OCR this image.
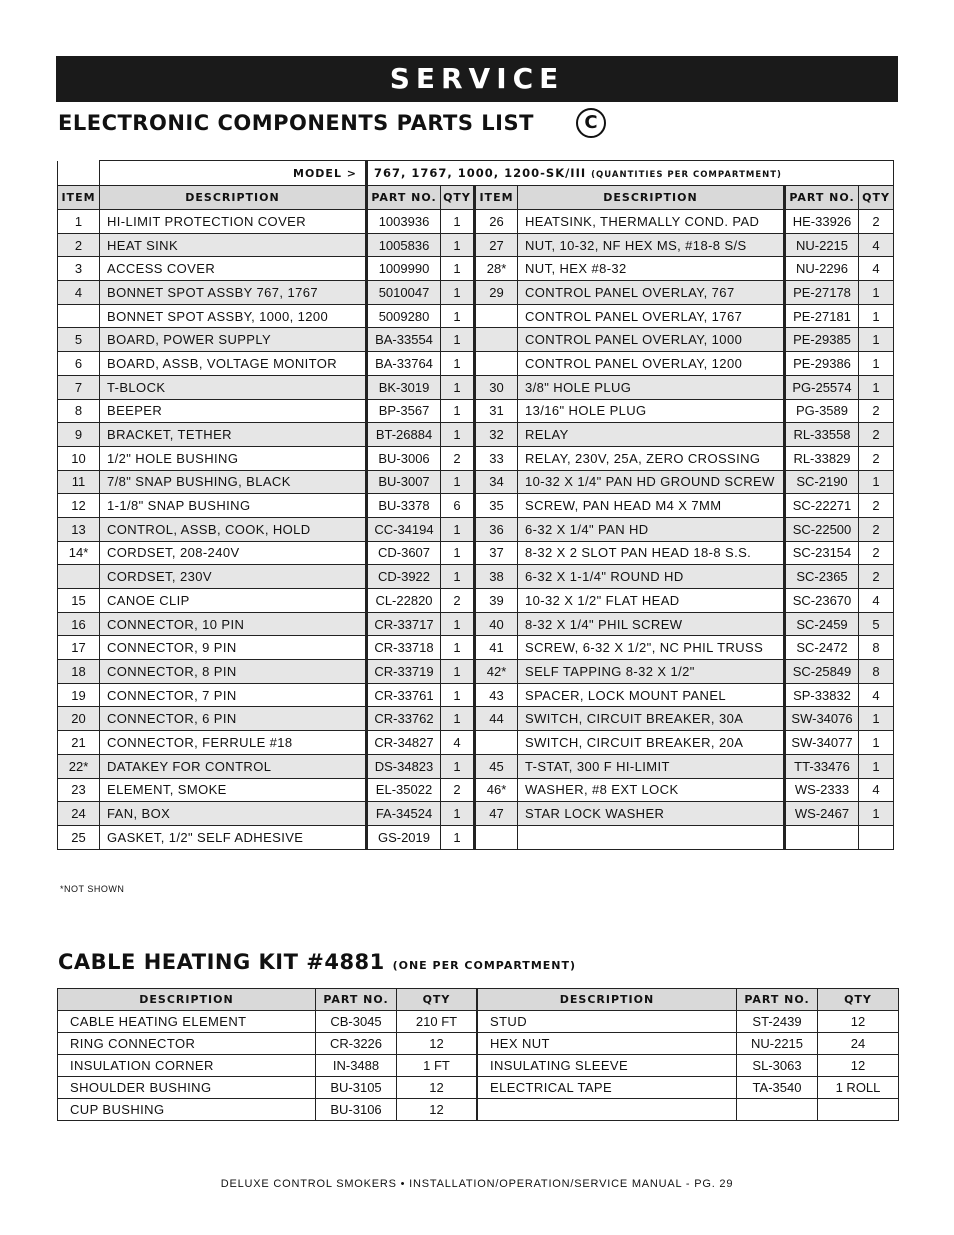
SERVICE
ELECTRONIC COMPONENTS PARTS LIST	C
	MODEL >	767, 1767, 1000, 1200-SK/III (QUANTITIES PER COMPARTMENT)					
ITEM	DESCRIPTION	PART NO.	QTY	ITEM	DESCRIPTION	PART NO.	QTY
1	HI-LIMIT PROTECTION COVER	1003936	1	26	HEATSINK, THERMALLY COND. PAD	HE-33926	2
2	HEAT SINK	1005836	1	27	NUT, 10-32, NF HEX MS, #18-8 S/S	NU-2215	4
3	ACCESS COVER	1009990	1	28*	NUT, HEX #8-32	NU-2296	4
4	BONNET SPOT ASSBY 767, 1767	5010047	1	29	CONTROL PANEL OVERLAY, 767	PE-27178	1
	BONNET SPOT ASSBY, 1000, 1200	5009280	1		CONTROL PANEL OVERLAY, 1767	PE-27181	1
5	BOARD, POWER SUPPLY	BA-33554	1		CONTROL PANEL OVERLAY, 1000	PE-29385	1
6	BOARD, ASSB, VOLTAGE MONITOR	BA-33764	1		CONTROL PANEL OVERLAY, 1200	PE-29386	1
7	T-BLOCK	BK-3019	1	30	3/8" HOLE PLUG	PG-25574	1
8	BEEPER	BP-3567	1	31	13/16" HOLE PLUG	PG-3589	2
9	BRACKET, TETHER	BT-26884	1	32	RELAY	RL-33558	2
10	1/2" HOLE BUSHING	BU-3006	2	33	RELAY, 230V, 25A, ZERO CROSSING	RL-33829	2
11	7/8" SNAP BUSHING, BLACK	BU-3007	1	34	10-32 X 1/4" PAN HD GROUND SCREW	SC-2190	1
12	1-1/8" SNAP BUSHING	BU-3378	6	35	SCREW, PAN HEAD M4 X 7MM	SC-22271	2
13	CONTROL, ASSB, COOK, HOLD	CC-34194	1	36	6-32 X 1/4" PAN HD	SC-22500	2
14*	CORDSET, 208-240V	CD-3607	1	37	8-32 X 2 SLOT PAN HEAD 18-8 S.S.	SC-23154	2
	CORDSET, 230V	CD-3922	1	38	6-32 X 1-1/4" ROUND HD	SC-2365	2
15	CANOE CLIP	CL-22820	2	39	10-32 X 1/2" FLAT HEAD	SC-23670	4
16	CONNECTOR, 10 PIN	CR-33717	1	40	8-32 X 1/4" PHIL SCREW	SC-2459	5
17	CONNECTOR, 9 PIN	CR-33718	1	41	SCREW, 6-32 X 1/2", NC PHIL TRUSS	SC-2472	8
18	CONNECTOR, 8 PIN	CR-33719	1	42*	SELF TAPPING 8-32 X 1/2"	SC-25849	8
19	CONNECTOR, 7 PIN	CR-33761	1	43	SPACER, LOCK MOUNT PANEL	SP-33832	4
20	CONNECTOR, 6 PIN	CR-33762	1	44	SWITCH, CIRCUIT BREAKER, 30A	SW-34076	1
21	CONNECTOR, FERRULE #18	CR-34827	4		SWITCH, CIRCUIT BREAKER, 20A	SW-34077	1
22*	DATAKEY FOR CONTROL	DS-34823	1	45	T-STAT, 300 F HI-LIMIT	TT-33476	1
23	ELEMENT, SMOKE	EL-35022	2	46*	WASHER, #8 EXT LOCK	WS-2333	4
24	FAN, BOX	FA-34524	1	47	STAR LOCK WASHER	WS-2467	1
25	GASKET, 1/2" SELF ADHESIVE	GS-2019	1				
*NOT SHOWN
CABLE HEATING KIT #4881 (ONE PER COMPARTMENT)
DESCRIPTION	PART NO.	QTY
CABLE HEATING ELEMENT	CB-3045	210 FT
RING CONNECTOR	CR-3226	12
INSULATION CORNER	IN-3488	1 FT
SHOULDER BUSHING	BU-3105	12
CUP BUSHING	BU-3106	12
DESCRIPTION	PART NO.	QTY
STUD	ST-2439	12
HEX NUT	NU-2215	24
INSULATING SLEEVE	SL-3063	12
ELECTRICAL TAPE	TA-3540	1 ROLL

DELUXE CONTROL SMOKERS • INSTALLATION/OPERATION/SERVICE MANUAL - PG. 29
